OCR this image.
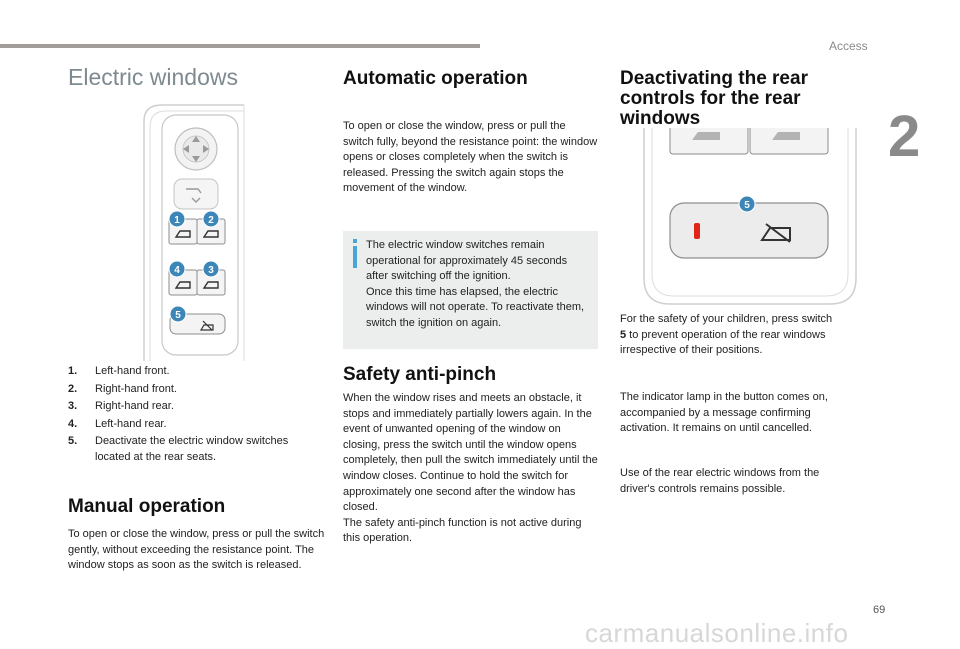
Access
2
Electric windows
1	2
4	3
5
1.	Left-hand front.
2.	Right-hand front.
3.	Right-hand rear.
4.	Left-hand rear.
5.	Deactivate the electric window switches located at the rear seats.
Manual operation

To open or close the window, press or pull the switch gently, without exceeding the resistance point. The window stops as soon as the switch is released.

Automatic operation

To open or close the window, press or pull the switch fully, beyond the resistance point: the window opens or closes completely when the switch is released. Pressing the switch again stops the movement of the window.

The electric window switches remain operational for approximately 45 seconds after switching off the ignition.
Once this time has elapsed, the electric windows will not operate. To reactivate them, switch the ignition on again.

Safety anti-pinch

When the window rises and meets an obstacle, it stops and immediately partially lowers again. In the event of unwanted opening of the window on closing, press the switch until the window opens completely, then pull the switch immediately until the window closes. Continue to hold the switch for approximately one second after the window has closed.
The safety anti-pinch function is not active during this operation.

Deactivating the rear controls for the rear windows
5

For the safety of your children, press switch
5 to prevent operation of the rear windows irrespective of their positions.

The indicator lamp in the button comes on, accompanied by a message confirming activation. It remains on until cancelled.

Use of the rear electric windows from the driver's controls remains possible.

69
carmanualsonline.info
